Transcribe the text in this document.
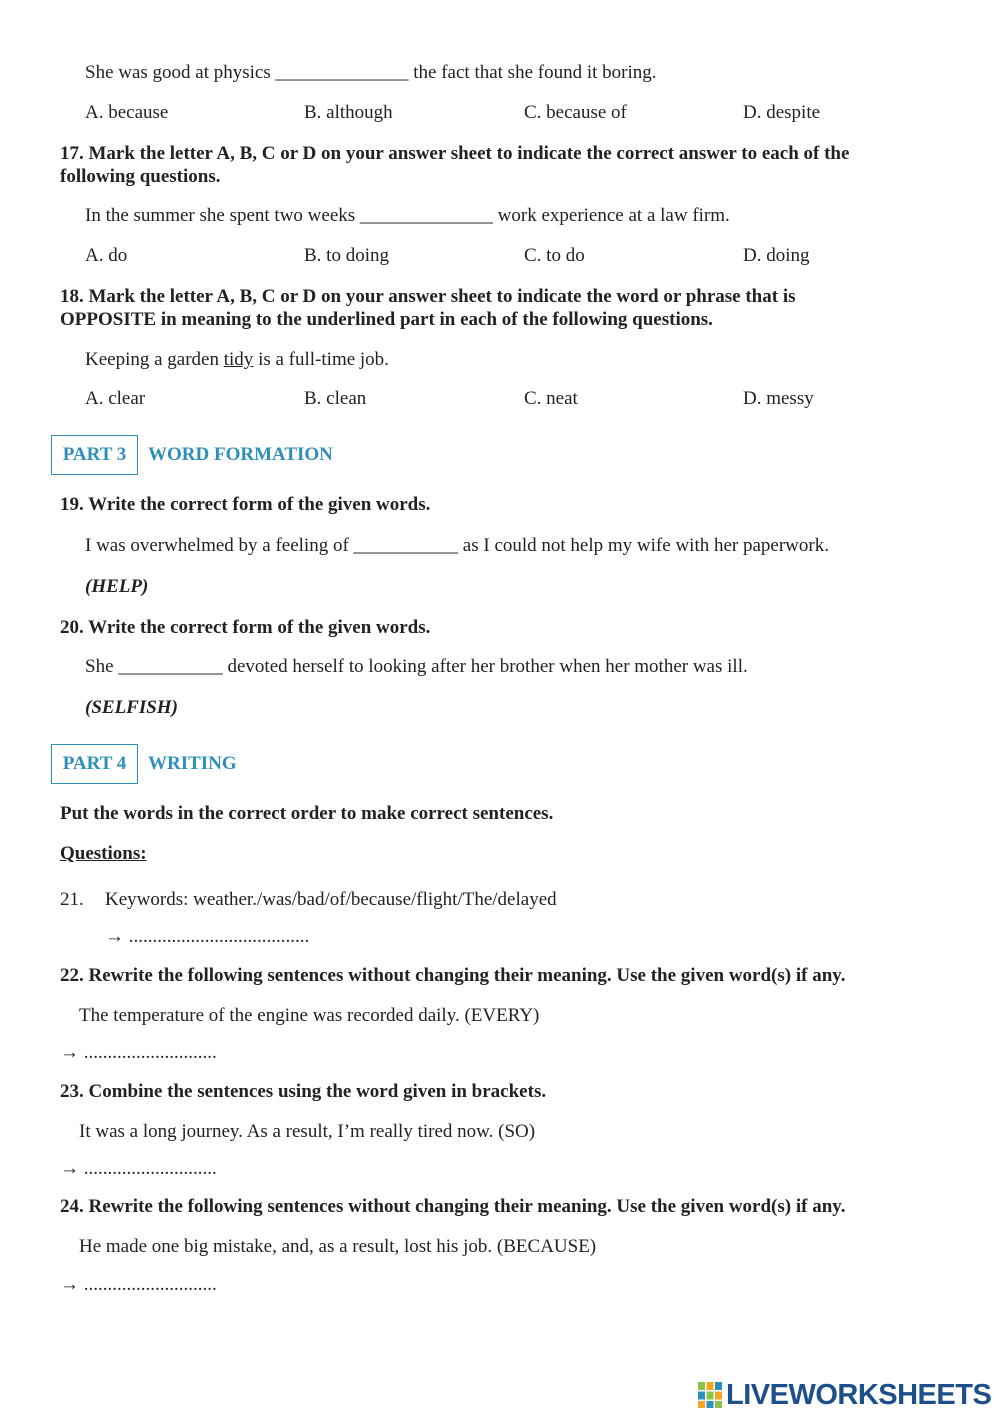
She was good at physics ______________ the fact that she found it boring.
A. because	B. although	C. because of	D. despite
17. Mark the letter A, B, C or D on your answer sheet to indicate the correct answer to each of the
following questions.
In the summer she spent two weeks ______________ work experience at a law firm.
A. do	B. to doing	C. to do	D. doing
18. Mark the letter A, B, C or D on your answer sheet to indicate the word or phrase that is
OPPOSITE in meaning to the underlined part in each of the following questions.
Keeping a garden tidy is a full-time job.
A. clear	B. clean	C. neat	D. messy
PART 3 WORD FORMATION
19. Write the correct form of the given words.
I was overwhelmed by a feeling of ___________ as I could not help my wife with her paperwork.
(HELP)
20. Write the correct form of the given words.
She ___________ devoted herself to looking after her brother when her mother was ill.
(SELFISH)
PART 4 WRITING
Put the words in the correct order to make correct sentences.
Questions:
21. Keywords: weather./was/bad/of/because/flight/The/delayed
→ ......................................
22. Rewrite the following sentences without changing their meaning. Use the given word(s) if any.
The temperature of the engine was recorded daily. (EVERY)
→ ............................
23. Combine the sentences using the word given in brackets.
It was a long journey. As a result, I’m really tired now. (SO)
→ ............................
24. Rewrite the following sentences without changing their meaning. Use the given word(s) if any.
He made one big mistake, and, as a result, lost his job. (BECAUSE)
→ ............................
LIVEWORKSHEETS
